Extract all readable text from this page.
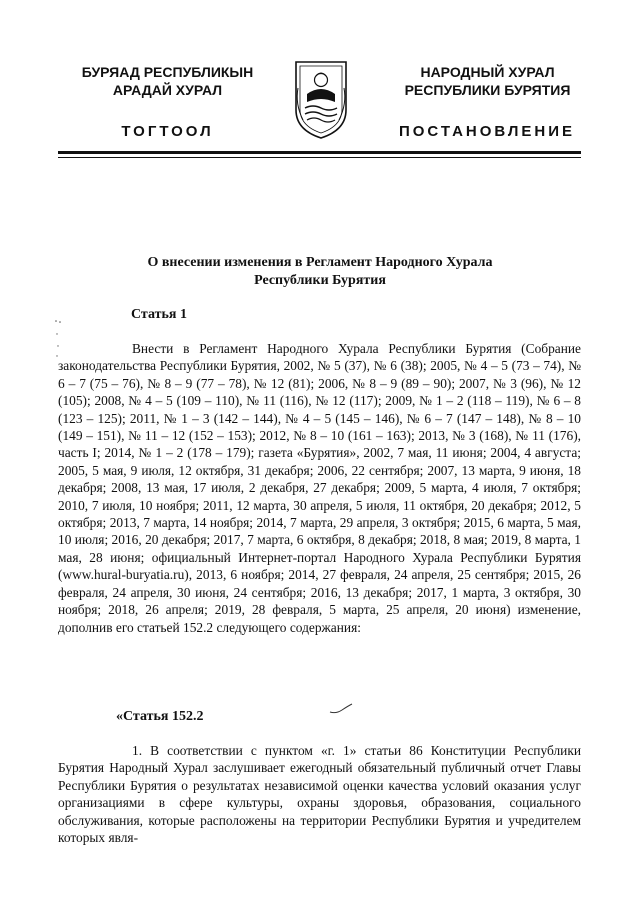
БУРЯАД РЕСПУБЛИКЫН
АРАДАЙ ХУРАЛ
ТОГТООЛ
НАРОДНЫЙ ХУРАЛ
РЕСПУБЛИКИ БУРЯТИЯ
ПОСТАНОВЛЕНИЕ

О внесении изменения в Регламент Народного Хурала

Республики Бурятия

Статья 1

Внести в Регламент Народного Хурала Республики Бурятия (Собрание законодательства Республики Бурятия, 2002, № 5 (37), № 6 (38); 2005, № 4 – 5 (73 – 74), № 6 – 7 (75 – 76), № 8 – 9 (77 – 78), № 12 (81); 2006, № 8 – 9 (89 – 90); 2007, № 3 (96), № 12 (105); 2008, № 4 – 5 (109 – 110), № 11 (116), № 12 (117); 2009, № 1 – 2 (118 – 119), № 6 – 8 (123 – 125); 2011, № 1 – 3 (142 – 144), № 4 – 5 (145 – 146), № 6 – 7 (147 – 148), № 8 – 10 (149 – 151), № 11 – 12 (152 – 153); 2012, № 8 – 10 (161 – 163); 2013, № 3 (168), № 11 (176), часть I; 2014, № 1 – 2 (178 – 179); газета «Бурятия», 2002, 7 мая, 11 июня; 2004, 4 августа; 2005, 5 мая, 9 июля, 12 октября, 31 декабря; 2006, 22 сентября; 2007, 13 марта, 9 июня, 18 декабря; 2008, 13 мая, 17 июля, 2 декабря, 27 декабря; 2009, 5 марта, 4 июля, 7 октября; 2010, 7 июля, 10 ноября; 2011, 12 марта, 30 апреля, 5 июля, 11 октября, 20 декабря; 2012, 5 октября; 2013, 7 марта, 14 ноября; 2014, 7 марта, 29 апреля, 3 октября; 2015, 6 марта, 5 мая, 10 июля; 2016, 20 декабря; 2017, 7 марта, 6 октября, 8 декабря; 2018, 8 мая; 2019, 8 марта, 1 мая, 28 июня; официальный Интернет-портал Народного Хурала Республики Бурятия (www.hural-buryatia.ru), 2013, 6 ноября; 2014, 27 февраля, 24 апреля, 25 сентября; 2015, 26 февраля, 24 апреля, 30 июня, 24 сентября; 2016, 13 декабря; 2017, 1 марта, 3 октября, 30 ноября; 2018, 26 апреля; 2019, 28 февраля, 5 марта, 25 апреля, 20 июня) изменение, дополнив его статьей 152.2 следующего содержания:

«Статья 152.2

1. В соответствии с пунктом «г. 1» статьи 86 Конституции Республики Бурятия Народный Хурал заслушивает ежегодный обязательный публичный отчет Главы Республики Бурятия о результатах независимой оценки качества условий оказания услуг организациями в сфере культуры, охраны здоровья, образования, социального обслуживания, которые расположены на территории Республики Бурятия и учредителем которых явля-
